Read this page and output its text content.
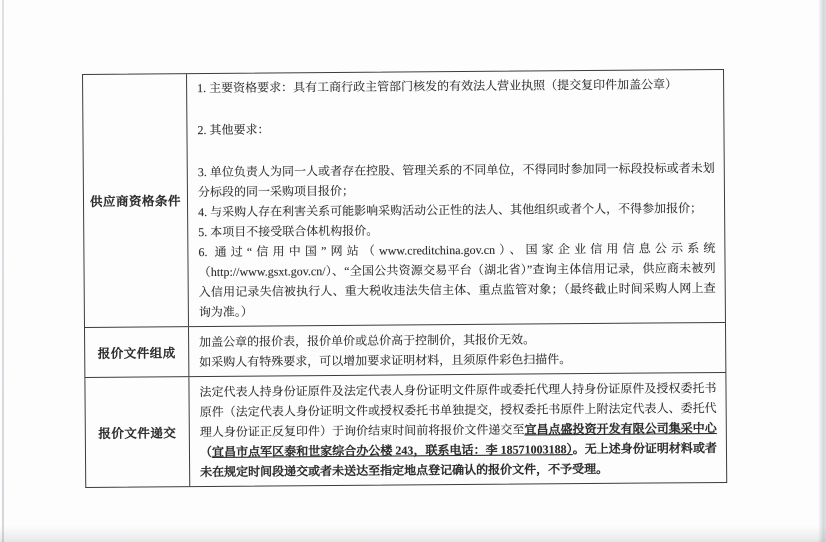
供应商资格条件

1. 主要资格要求：具有工商行政主管部门核发的有效法人营业执照（提交复印件加盖公章）

2. 其他要求：

3. 单位负责人为同一人或者存在控股、管理关系的不同单位，不得同时参加同一标段投标或者未划分标段的同一采购项目报价；

4. 与采购人存在利害关系可能影响采购活动公正性的法人、其他组织或者个人，不得参加报价；

5. 本项目不接受联合体机构报价。

6. 通过“信用中国”网站（www.creditchina.gov.cn）、国家企业信用信息公示系统（http://www.gsxt.gov.cn/）、“全国公共资源交易平台（湖北省）”查询主体信用记录，供应商未被列入信用记录失信被执行人、重大税收违法失信主体、重点监管对象；（最终截止时间采购人网上查询为准。）

报价文件组成

加盖公章的报价表，报价单价或总价高于控制价，其报价无效。

如采购人有特殊要求，可以增加要求证明材料，且须原件彩色扫描件。

报价文件递交

法定代表人持身份证原件及法定代表人身份证明文件原件或委托代理人持身份证原件及授权委托书原件（法定代表人身份证明文件或授权委托书单独提交，授权委托书原件上附法定代表人、委托代理人身份证正反复印件）于询价结束时间前将报价文件递交至宜昌点盛投资开发有限公司集采中心（宜昌市点军区泰和世家综合办公楼 243，联系电话：李 18571003188）。无上述身份证明材料或者未在规定时间段递交或者未送达至指定地点登记确认的报价文件，不予受理。
